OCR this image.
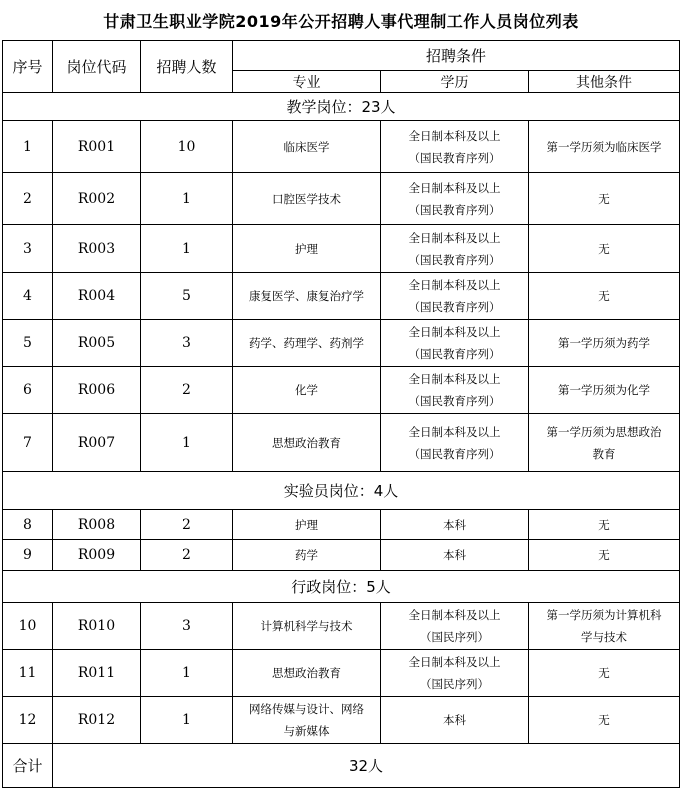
甘肃卫生职业学院2019年公开招聘人事代理制工作人员岗位列表
序号	岗位代码	招聘人数	招聘条件		
			专业	学历	其他条件
教学岗位：23人					
1	R001	10	临床医学	全日制本科及以上
（国民教育序列）	第一学历须为临床医学

2	R002	1	口腔医学技术	全日制本科及以上
（国民教育序列）	无

3	R003	1	护理	全日制本科及以上
（国民教育序列）	无

4	R004	5	康复医学、康复治疗学	全日制本科及以上
（国民教育序列）	无

5	R005	3	药学、药理学、药剂学	全日制本科及以上
（国民教育序列）	第一学历须为药学

6	R006	2	化学	全日制本科及以上
（国民教育序列）	第一学历须为化学

7	R007	1	思想政治教育	全日制本科及以上
（国民教育序列）	第一学历须为思想政治
教育

实验员岗位：4人					
8	R008	2	护理	本科	无

9	R009	2	药学	本科	无

行政岗位：5人					
10	R010	3	计算机科学与技术	全日制本科及以上
（国民序列）	第一学历须为计算机科
学与技术

11	R011	1	思想政治教育	全日制本科及以上
（国民序列）	无

12	R012	1	网络传媒与设计、网络
与新媒体	本科	无

合计	32人				
